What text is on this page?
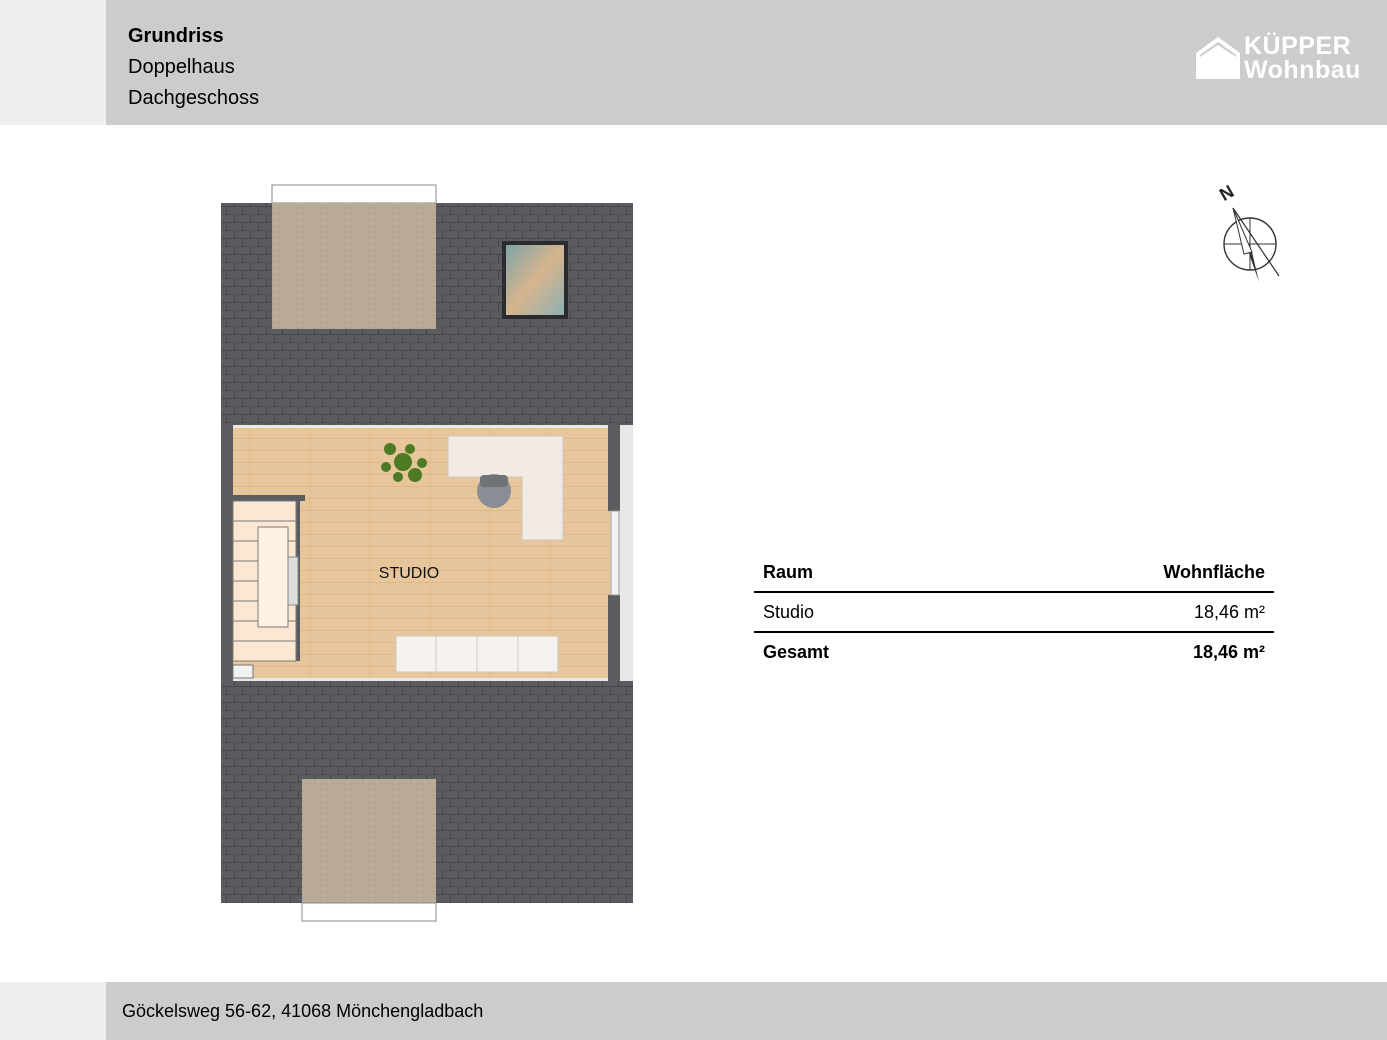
Grundriss
Doppelhaus
Dachgeschoss
KÜPPER
Wohnbau
STUDIO
N
Raum	Wohnfläche
Studio	18,46 m²
Gesamt	18,46 m²
Göckelsweg 56-62, 41068 Mönchengladbach
